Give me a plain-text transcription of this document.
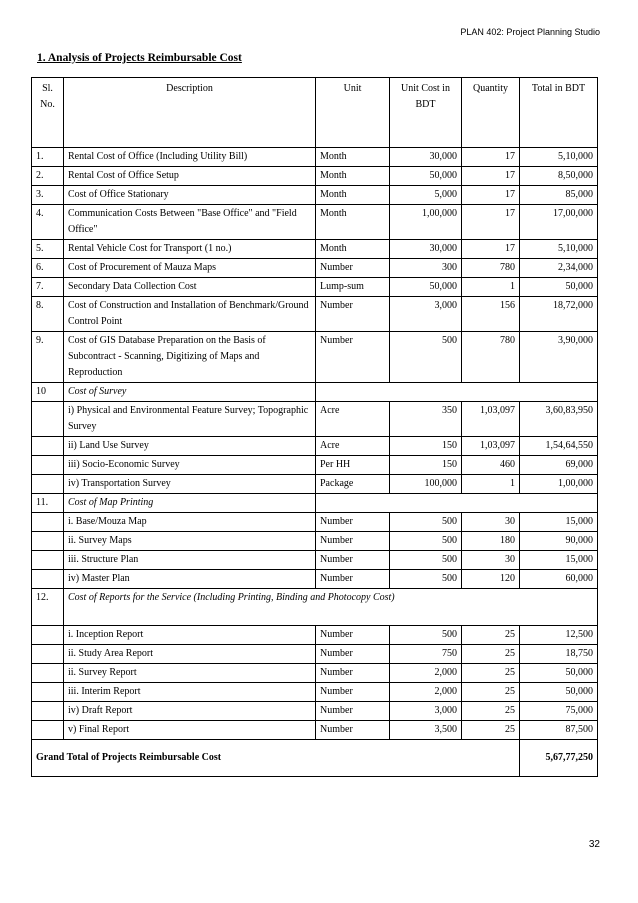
PLAN 402: Project Planning Studio
1. Analysis of Projects Reimbursable Cost
Sl. No.	Description	Unit	Unit Cost in BDT	Quantity	Total in BDT
1.	Rental Cost of Office (Including Utility Bill)	Month	30,000	17	5,10,000
2.	Rental Cost of Office Setup	Month	50,000	17	8,50,000
3.	Cost of Office Stationary	Month	5,000	17	85,000
4.	Communication Costs Between "Base Office" and "Field Office"	Month	1,00,000	17	17,00,000
5.	Rental Vehicle Cost for Transport (1 no.)	Month	30,000	17	5,10,000
6.	Cost of Procurement of Mauza Maps	Number	300	780	2,34,000
7.	Secondary Data Collection Cost	Lump-sum	50,000	1	50,000
8.	Cost of Construction and Installation of Benchmark/Ground Control Point	Number	3,000	156	18,72,000
9.	Cost of GIS Database Preparation on the Basis of Subcontract - Scanning, Digitizing of Maps and Reproduction	Number	500	780	3,90,000
10	Cost of Survey				
	i) Physical and Environmental Feature Survey; Topographic Survey	Acre	350	1,03,097	3,60,83,950
	ii) Land Use Survey	Acre	150	1,03,097	1,54,64,550
	iii) Socio-Economic Survey	Per HH	150	460	69,000
	iv) Transportation Survey	Package	100,000	1	1,00,000
11.	Cost of Map Printing				
	i. Base/Mouza Map	Number	500	30	15,000
	ii. Survey Maps	Number	500	180	90,000
	iii. Structure Plan	Number	500	30	15,000
	iv) Master Plan	Number	500	120	60,000
12.	Cost of Reports for the Service (Including Printing, Binding and Photocopy Cost)				
	i. Inception Report	Number	500	25	12,500
	ii. Study Area Report	Number	750	25	18,750
	ii. Survey Report	Number	2,000	25	50,000
	iii. Interim Report	Number	2,000	25	50,000
	iv) Draft Report	Number	3,000	25	75,000
	v) Final Report	Number	3,500	25	87,500
Grand Total of Projects Reimbursable Cost					5,67,77,250
32
